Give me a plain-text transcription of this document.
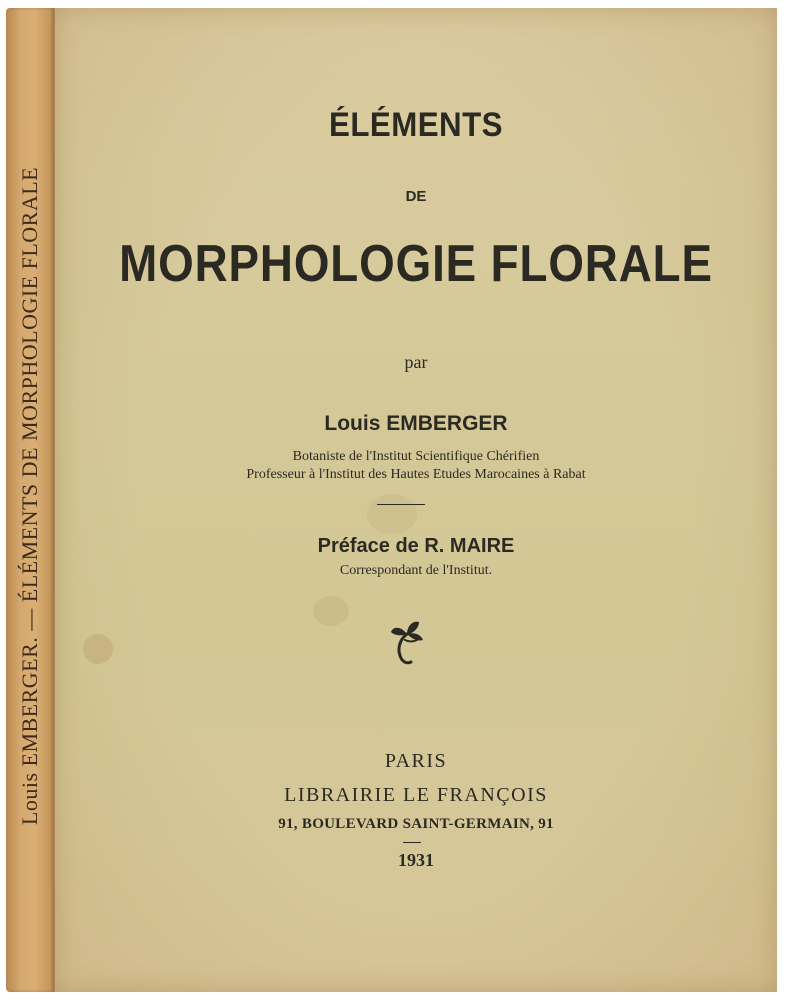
Louis EMBERGER. — ÉLÉMENTS DE MORPHOLOGIE FLORALE
ÉLÉMENTS
DE
MORPHOLOGIE FLORALE
par
Louis EMBERGER
Botaniste de l'Institut Scientifique Chérifien
Professeur à l'Institut des Hautes Etudes Marocaines à Rabat
Préface de R. MAIRE
Correspondant de l'Institut.
PARIS
LIBRAIRIE LE FRANÇOIS
91, BOULEVARD SAINT-GERMAIN, 91
1931
